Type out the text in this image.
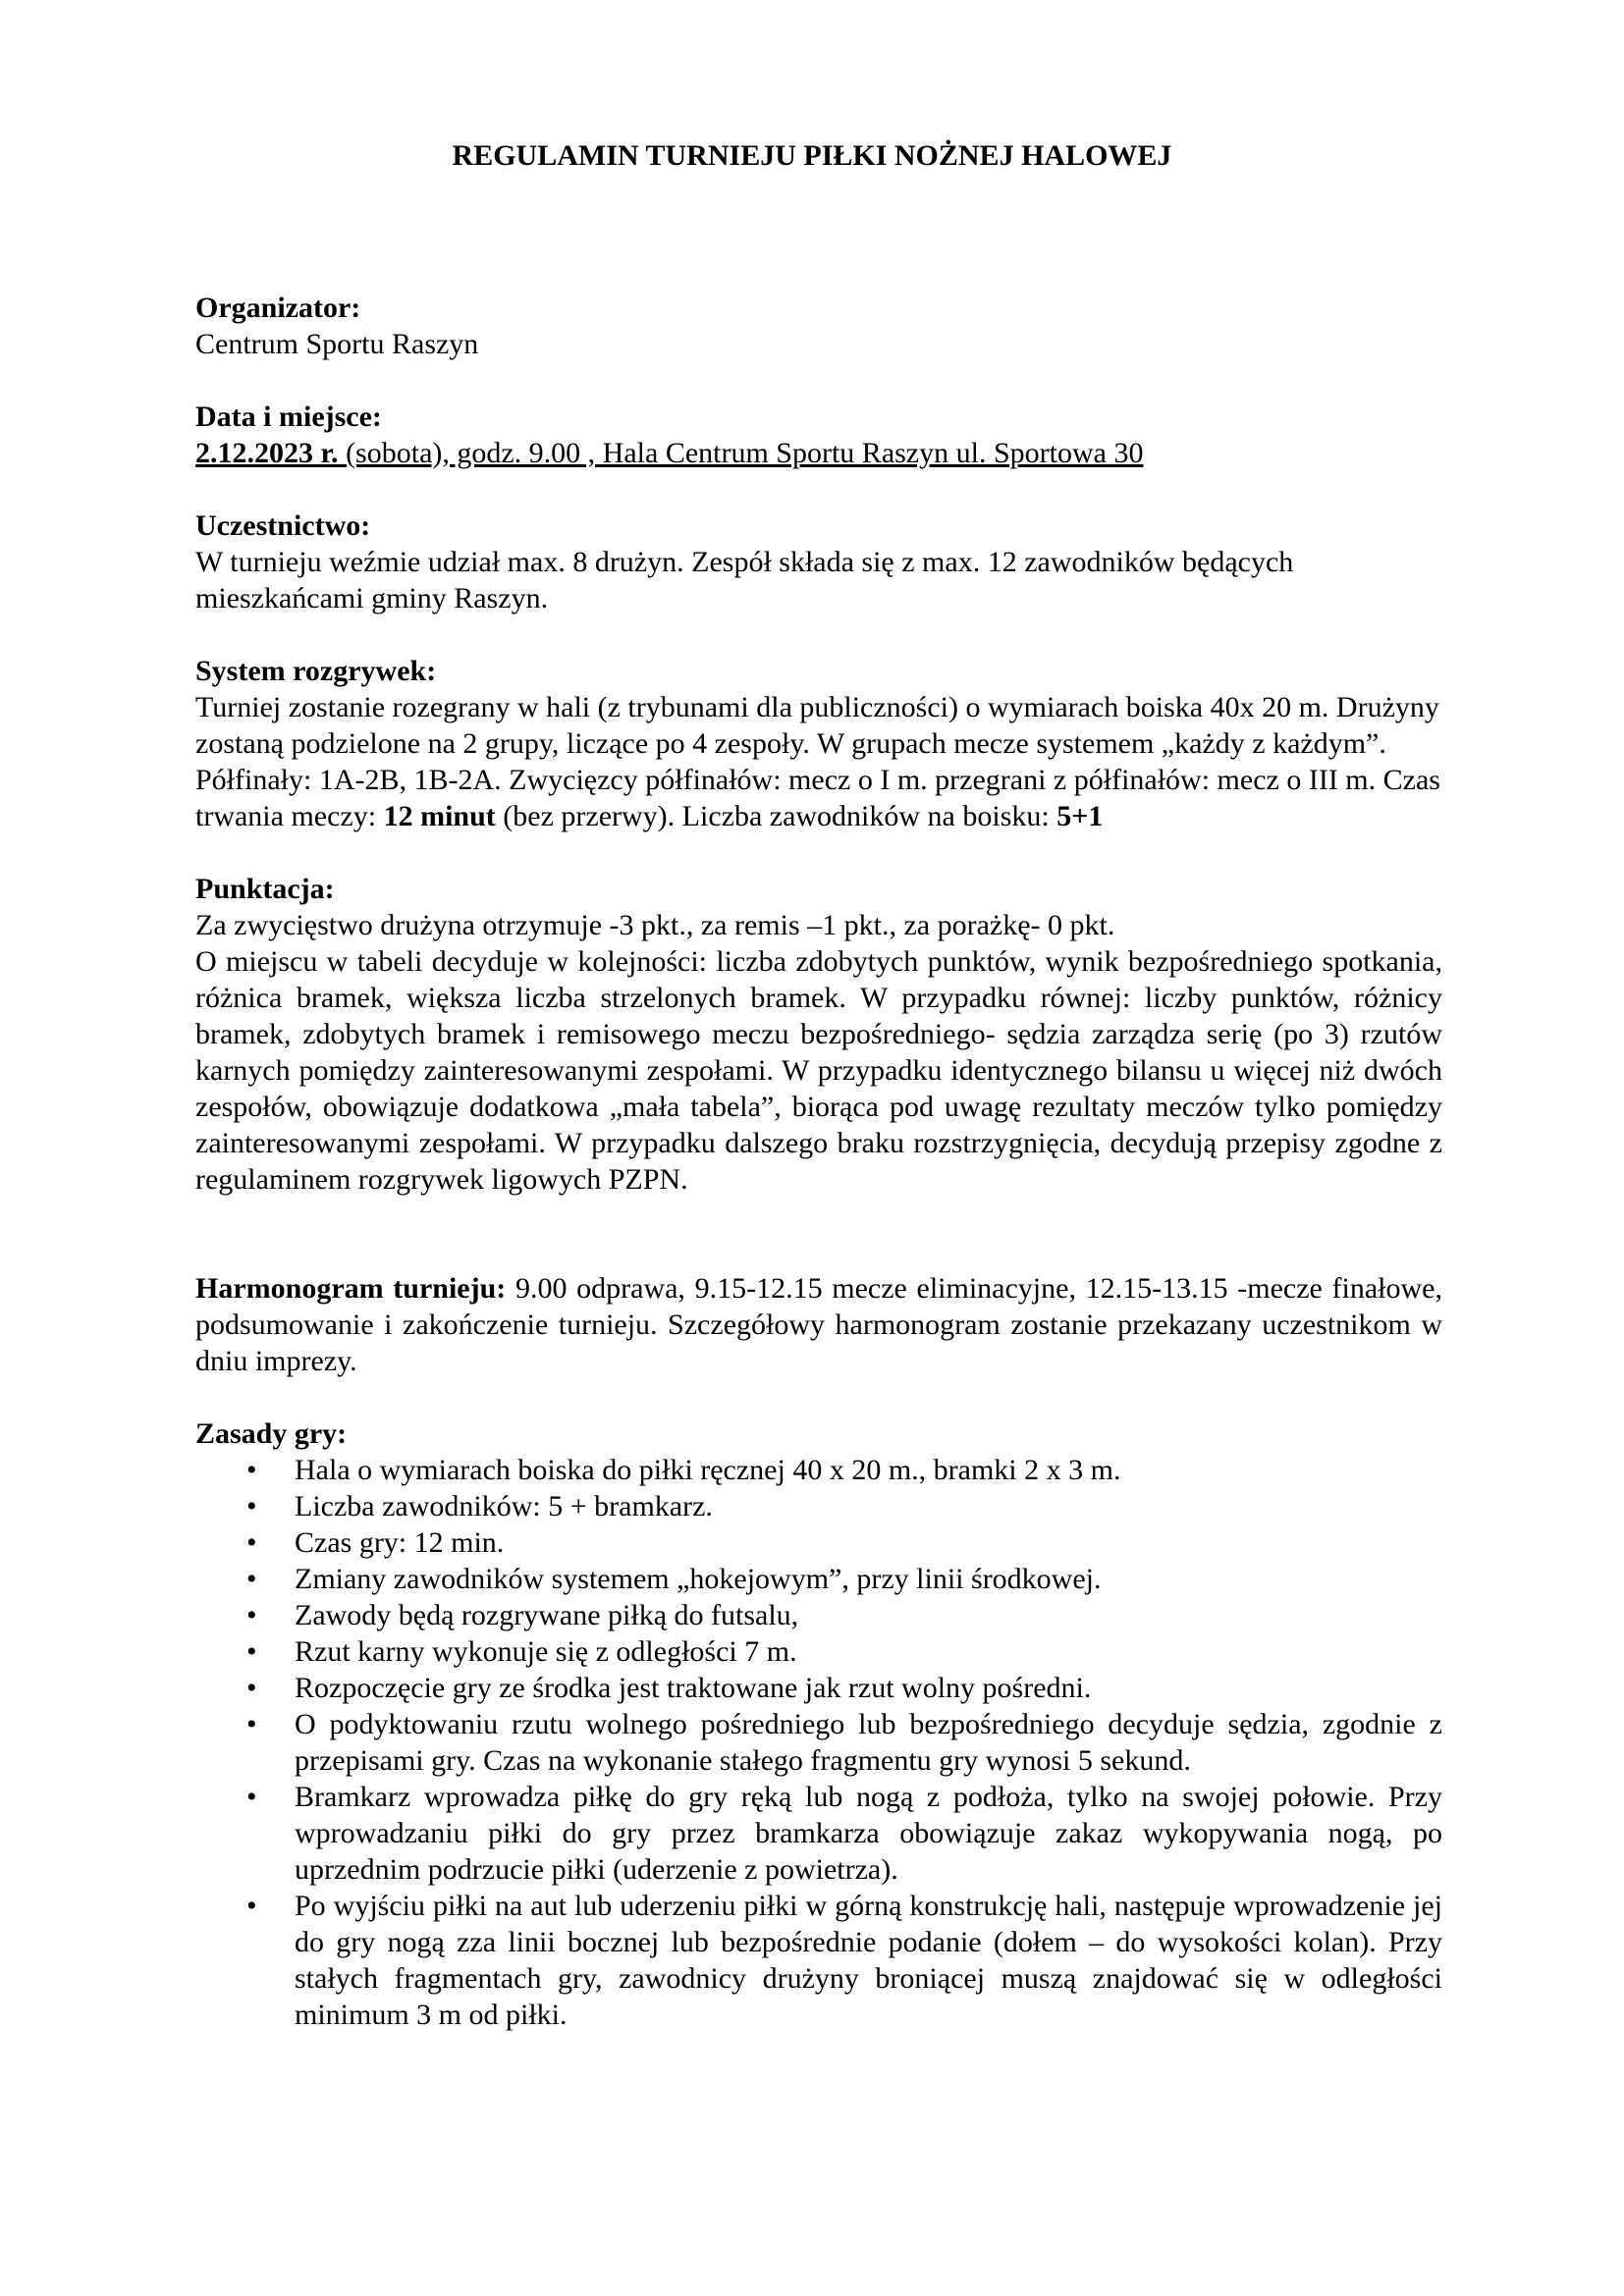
REGULAMIN TURNIEJU PIŁKI NOŻNEJ HALOWEJ
Organizator:

Centrum Sportu Raszyn

Data i miejsce:

2.12.2023 r. (sobota), godz. 9.00 , Hala Centrum Sportu Raszyn ul. Sportowa 30

Uczestnictwo:

W turnieju weźmie udział max. 8 drużyn. Zespół składa się z max. 12 zawodników będących mieszkańcami gminy Raszyn.

System rozgrywek:

Turniej zostanie rozegrany w hali (z trybunami dla publiczności) o wymiarach boiska 40x 20 m. Drużyny zostaną podzielone na 2 grupy, liczące po 4 zespoły. W grupach mecze systemem „każdy z każdym”. Półfinały: 1A-2B, 1B-2A. Zwycięzcy półfinałów: mecz o I m. przegrani z półfinałów: mecz o III m. Czas trwania meczy: 12 minut (bez przerwy). Liczba zawodników na boisku: 5+1

Punktacja:

Za zwycięstwo drużyna otrzymuje -3 pkt., za remis –1 pkt., za porażkę- 0 pkt.

O miejscu w tabeli decyduje w kolejności: liczba zdobytych punktów, wynik bezpośredniego spotkania, różnica bramek, większa liczba strzelonych bramek. W przypadku równej: liczby punktów, różnicy bramek, zdobytych bramek i remisowego meczu bezpośredniego- sędzia zarządza serię (po 3) rzutów karnych pomiędzy zainteresowanymi zespołami. W przypadku identycznego bilansu u więcej niż dwóch zespołów, obowiązuje dodatkowa „mała tabela”, biorąca pod uwagę rezultaty meczów tylko pomiędzy zainteresowanymi zespołami. W przypadku dalszego braku rozstrzygnięcia, decydują przepisy zgodne z regulaminem rozgrywek ligowych PZPN.

Harmonogram turnieju: 9.00 odprawa, 9.15-12.15 mecze eliminacyjne, 12.15-13.15 -mecze finałowe, podsumowanie i zakończenie turnieju. Szczegółowy harmonogram zostanie przekazany uczestnikom w dniu imprezy.

Zasady gry:
• Hala o wymiarach boiska do piłki ręcznej 40 x 20 m., bramki 2 x 3 m.
• Liczba zawodników: 5 + bramkarz.
• Czas gry: 12 min.
• Zmiany zawodników systemem „hokejowym”, przy linii środkowej.
• Zawody będą rozgrywane piłką do futsalu,
• Rzut karny wykonuje się z odległości 7 m.
• Rozpoczęcie gry ze środka jest traktowane jak rzut wolny pośredni.
• O podyktowaniu rzutu wolnego pośredniego lub bezpośredniego decyduje sędzia, zgodnie z przepisami gry. Czas na wykonanie stałego fragmentu gry wynosi 5 sekund.
• Bramkarz wprowadza piłkę do gry ręką lub nogą z podłoża, tylko na swojej połowie. Przy wprowadzaniu piłki do gry przez bramkarza obowiązuje zakaz wykopywania nogą, po uprzednim podrzucie piłki (uderzenie z powietrza).
• Po wyjściu piłki na aut lub uderzeniu piłki w górną konstrukcję hali, następuje wprowadzenie jej do gry nogą zza linii bocznej lub bezpośrednie podanie (dołem – do wysokości kolan). Przy stałych fragmentach gry, zawodnicy drużyny broniącej muszą znajdować się w odległości minimum 3 m od piłki.
